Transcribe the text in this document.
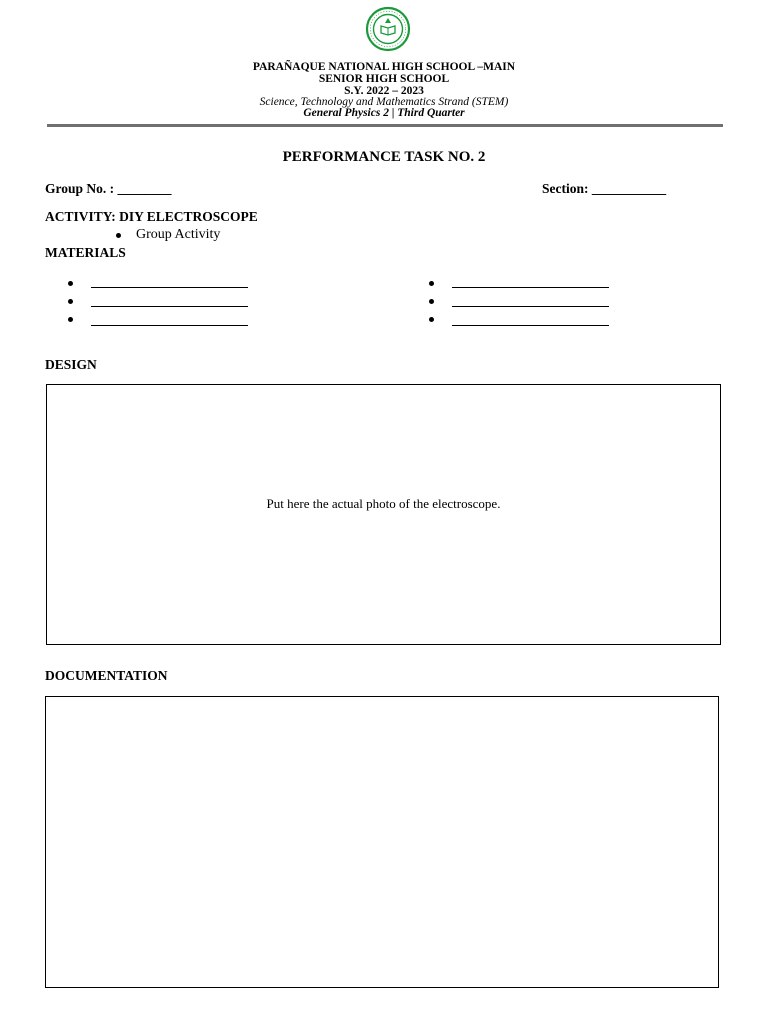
PARAÑAQUE NATIONAL HIGH SCHOOL –MAIN
SENIOR HIGH SCHOOL
S.Y. 2022 – 2023
Science, Technology and Mathematics Strand (STEM)
General Physics 2 | Third Quarter
PERFORMANCE TASK NO. 2
Group No. : ________	Section: ___________
ACTIVITY: DIY ELECTROSCOPE
Group Activity
MATERIALS
DESIGN
Put here the actual photo of the electroscope.
DOCUMENTATION
